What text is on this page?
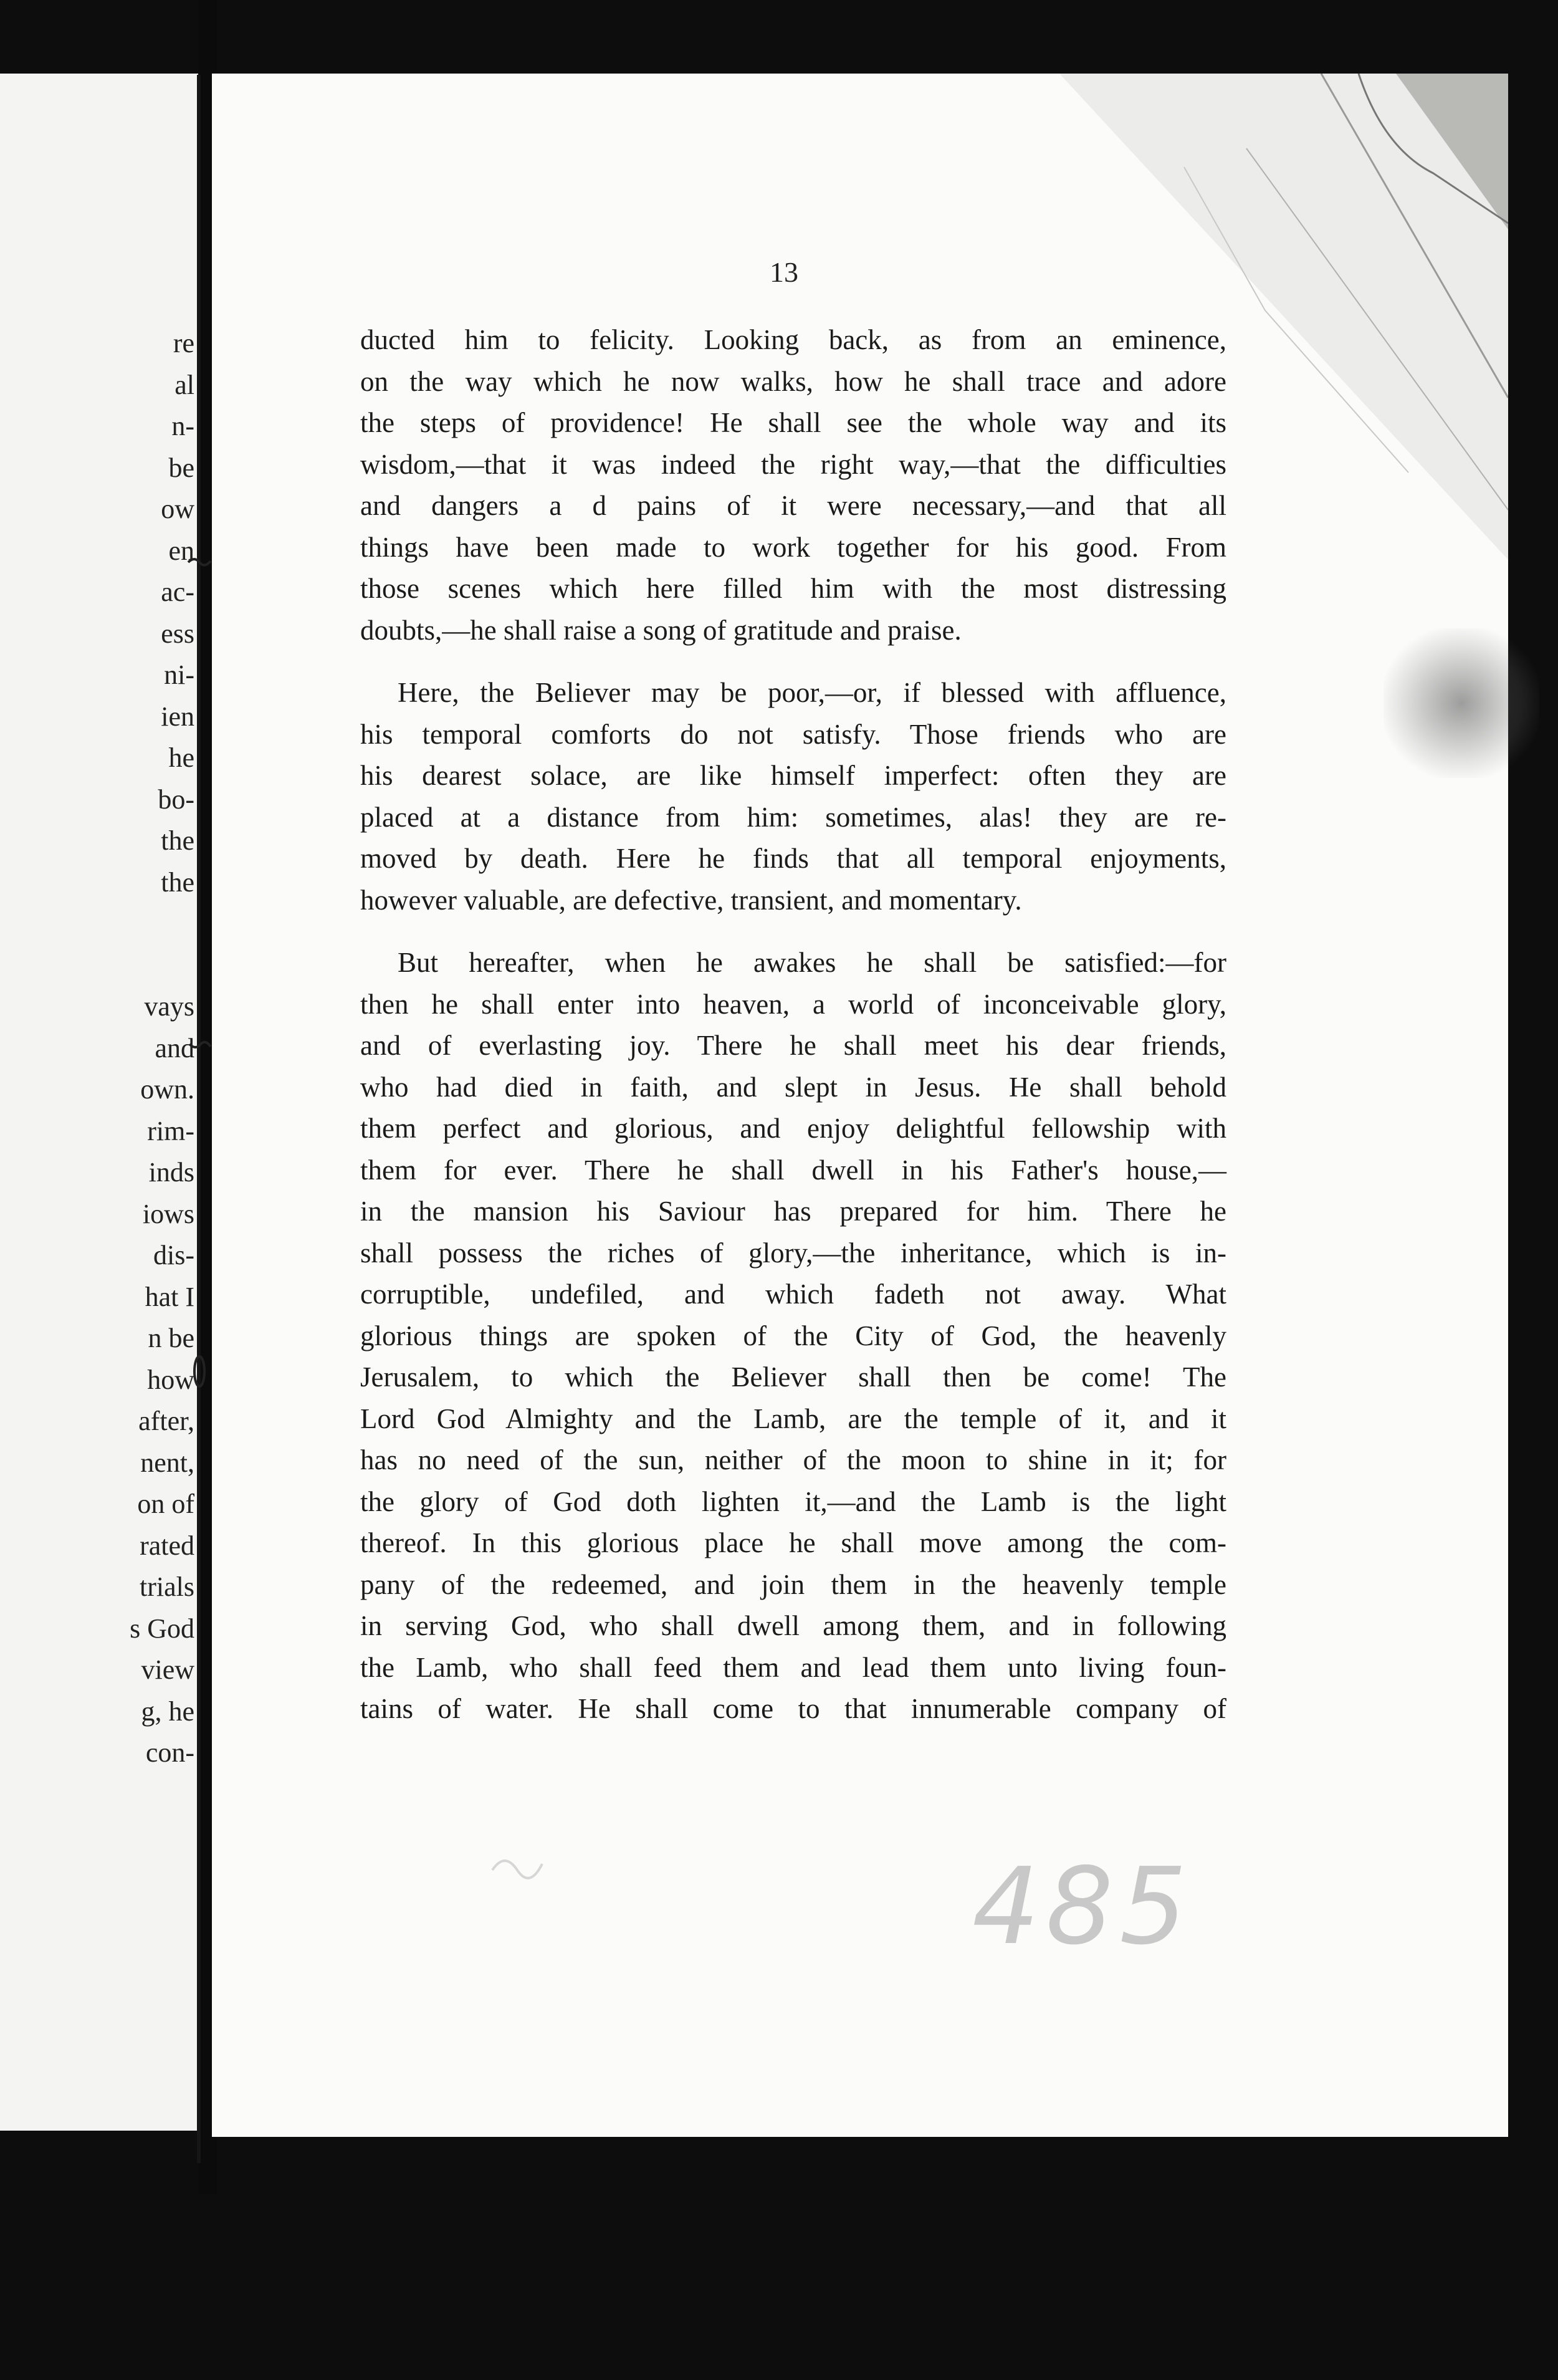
re
al
n-
be
ow
en
ac-
ess
ni-
ien
he
bo-
the
the

vays
and
own.
rim-
inds
iows
dis-
hat I
n be
how
after,
nent,
on of
rated
trials
s God
view
g, he
con-
13
ducted him to felicity. Looking back, as from an eminence,
on the way which he now walks, how he shall trace and adore
the steps of providence! He shall see the whole way and its
wisdom,—that it was indeed the right way,—that the difficulties
and dangers a d pains of it were necessary,—and that all
things have been made to work together for his good. From
those scenes which here filled him with the most distressing
doubts,—he shall raise a song of gratitude and praise.
Here, the Believer may be poor,—or, if blessed with affluence,
his temporal comforts do not satisfy. Those friends who are
his dearest solace, are like himself imperfect: often they are
placed at a distance from him: sometimes, alas! they are re-
moved by death. Here he finds that all temporal enjoyments,
however valuable, are defective, transient, and momentary.
But hereafter, when he awakes he shall be satisfied:—for
then he shall enter into heaven, a world of inconceivable glory,
and of everlasting joy. There he shall meet his dear friends,
who had died in faith, and slept in Jesus. He shall behold
them perfect and glorious, and enjoy delightful fellowship with
them for ever. There he shall dwell in his Father's house,—
in the mansion his Saviour has prepared for him. There he
shall possess the riches of glory,—the inheritance, which is in-
corruptible, undefiled, and which fadeth not away. What
glorious things are spoken of the City of God, the heavenly
Jerusalem, to which the Believer shall then be come! The
Lord God Almighty and the Lamb, are the temple of it, and it
has no need of the sun, neither of the moon to shine in it; for
the glory of God doth lighten it,—and the Lamb is the light
thereof. In this glorious place he shall move among the com-
pany of the redeemed, and join them in the heavenly temple
in serving God, who shall dwell among them, and in following
the Lamb, who shall feed them and lead them unto living foun-
tains of water. He shall come to that innumerable company of
485
